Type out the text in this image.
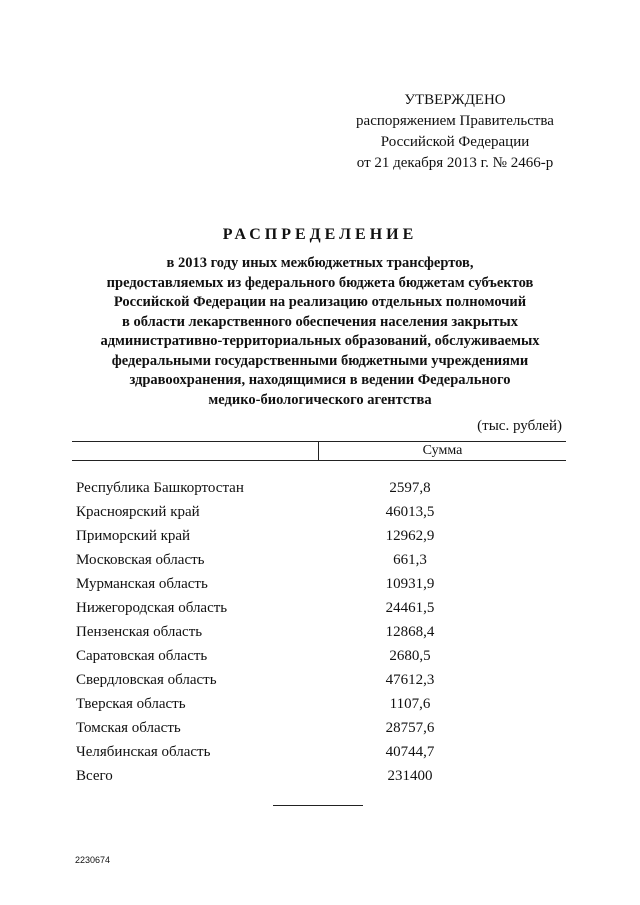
УТВЕРЖДЕНО
распоряжением Правительства
Российской Федерации
от 21 декабря 2013 г. № 2466-р
РАСПРЕДЕЛЕНИЕ
в 2013 году иных межбюджетных трансфертов,
предоставляемых из федерального бюджета бюджетам субъектов
Российской Федерации на реализацию отдельных полномочий
в области лекарственного обеспечения населения закрытых
административно-территориальных образований, обслуживаемых
федеральными государственными бюджетными учреждениями
здравоохранения, находящимися в ведении Федерального
медико-биологического агентства
(тыс. рублей)
Сумма
Республика Башкортостан	2597,8
Красноярский край	46013,5
Приморский край	12962,9
Московская область	661,3
Мурманская область	10931,9
Нижегородская область	24461,5
Пензенская область	12868,4
Саратовская область	2680,5
Свердловская область	47612,3
Тверская область	1107,6
Томская область	28757,6
Челябинская область	40744,7
Всего	231400
2230674
